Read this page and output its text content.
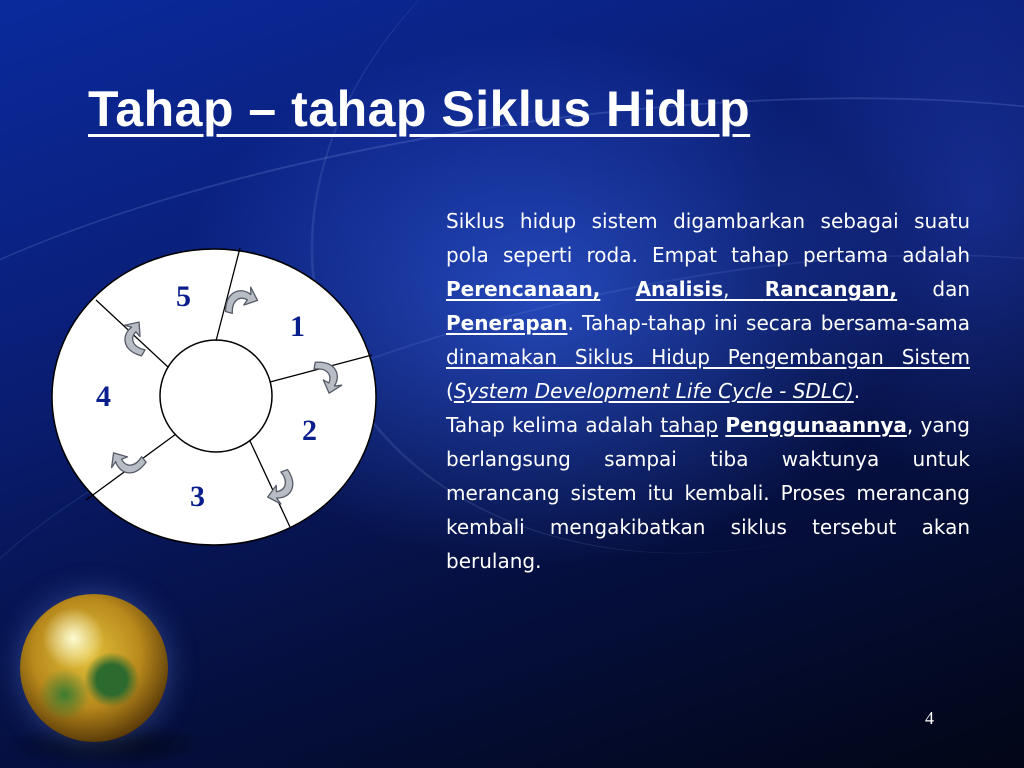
Tahap – tahap Siklus Hidup
5
1
4
2
3

Siklus hidup sistem digambarkan sebagai suatu pola seperti roda. Empat tahap pertama adalah Perencanaan, Analisis, Rancangan, dan Penerapan. Tahap-tahap ini secara bersama-sama dinamakan Siklus Hidup Pengembangan Sistem (System Development Life Cycle - SDLC).

Tahap kelima adalah tahap Penggunaannya, yang berlangsung sampai tiba waktunya untuk merancang sistem itu kembali. Proses merancang kembali mengakibatkan siklus tersebut akan berulang.

4
